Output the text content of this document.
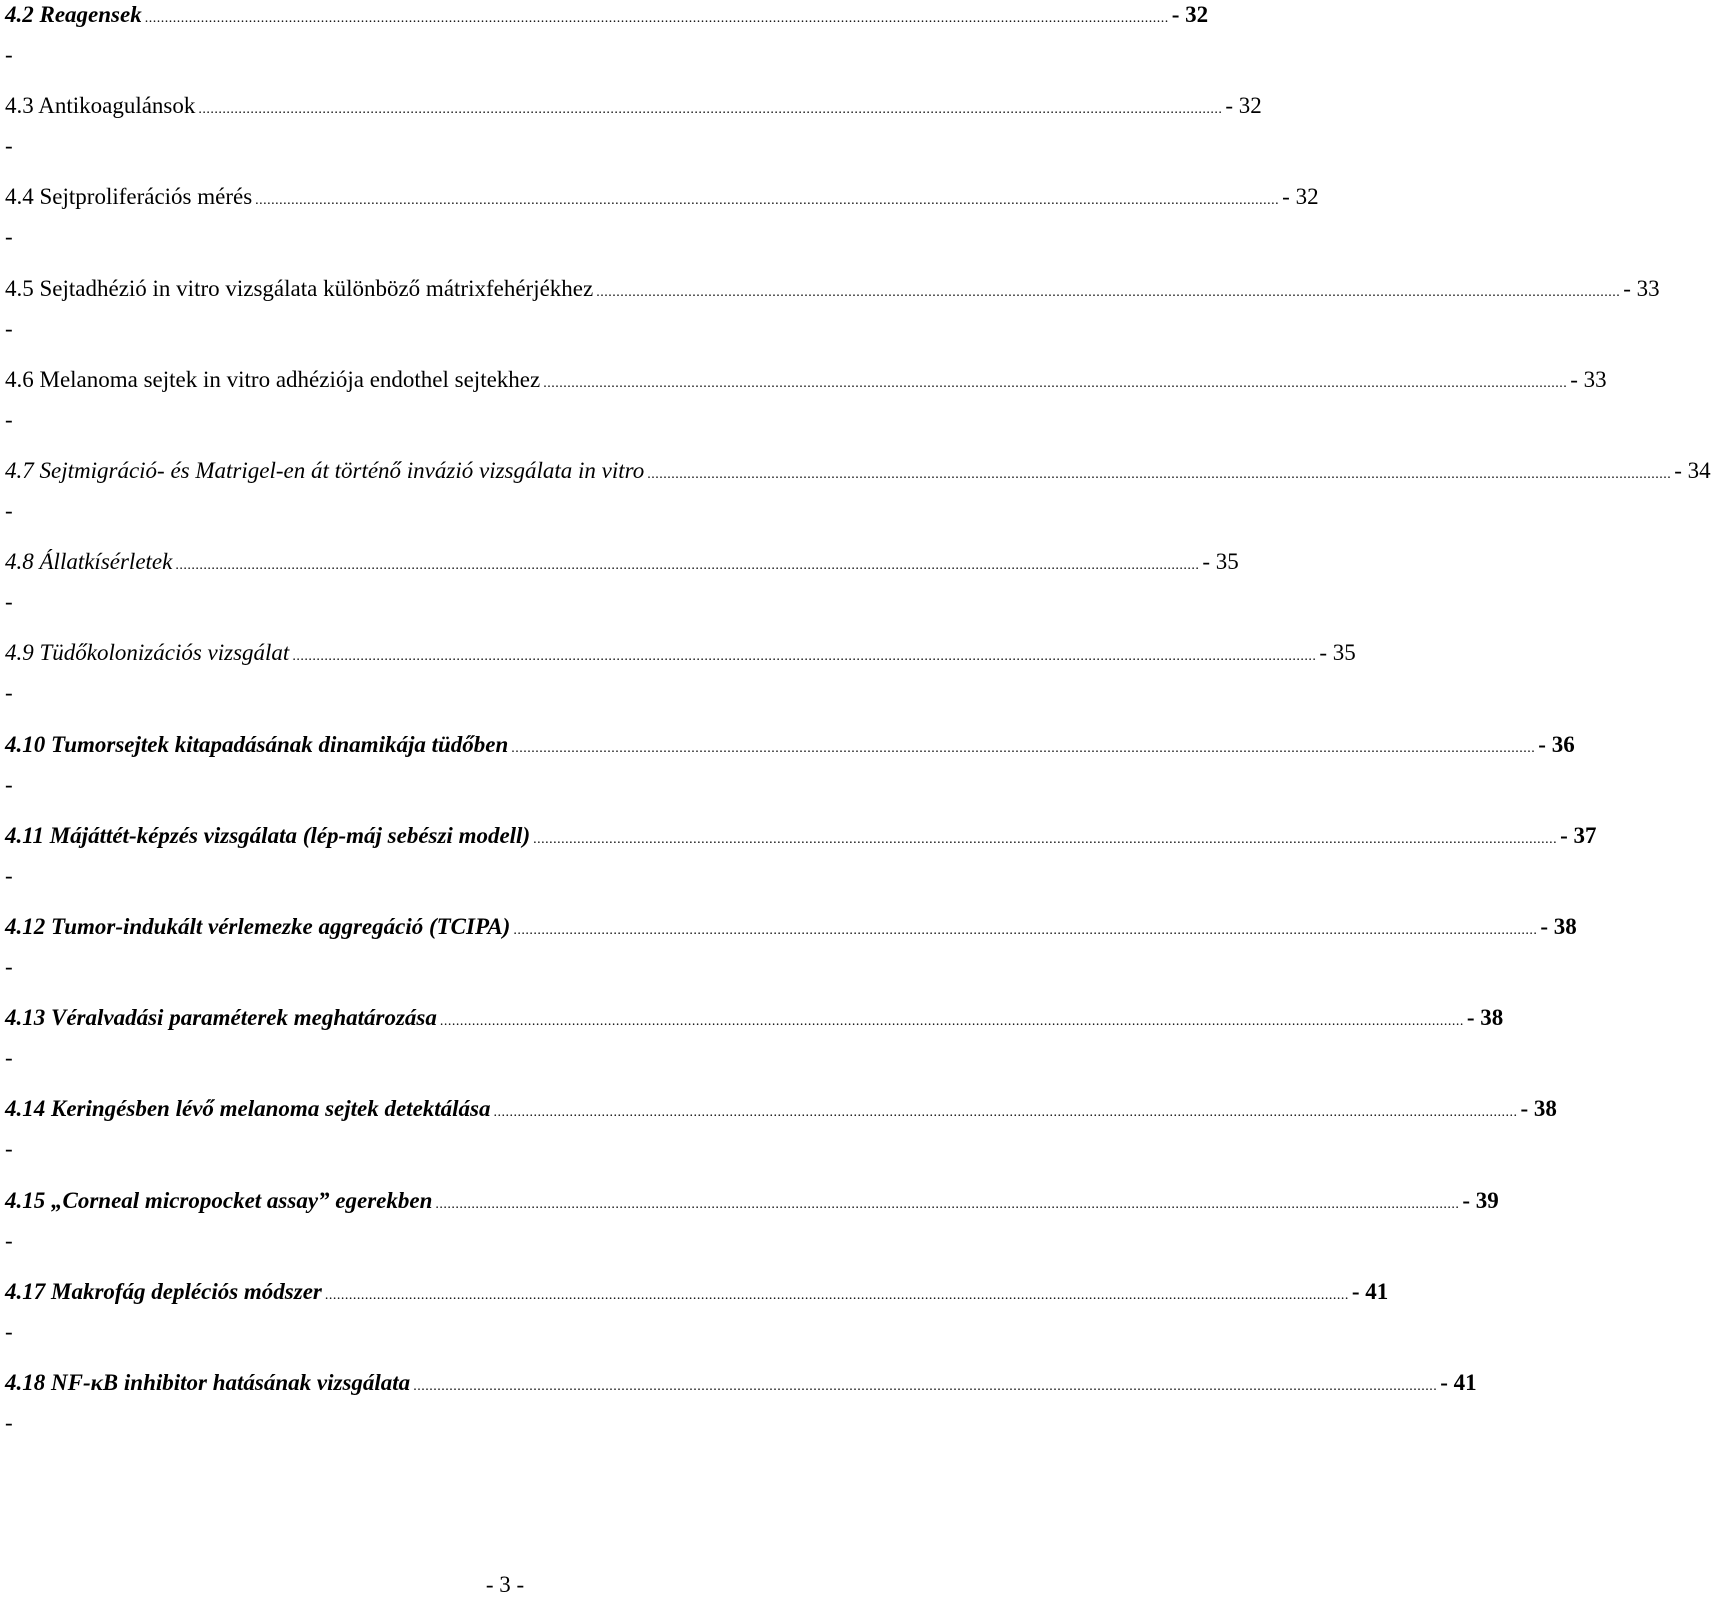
4.2 Reagensek ................................................................................................................................................................................................................................................................ - 32
-
4.3 Antikoagulánsok ................................................................................................................................................................................................................................................................ - 32
-
4.4 Sejtproliferációs mérés ................................................................................................................................................................................................................................................................ - 32
-
4.5 Sejtadhézió in vitro vizsgálata különböző mátrixfehérjékhez ................................................................................................................................................................................................................................................................ - 33
-
4.6 Melanoma sejtek in vitro adhéziója endothel sejtekhez ................................................................................................................................................................................................................................................................ - 33
-
4.7 Sejtmigráció- és Matrigel-en át történő invázió vizsgálata in vitro ................................................................................................................................................................................................................................................................ - 34
-
4.8 Állatkísérletek ................................................................................................................................................................................................................................................................ - 35
-
4.9 Tüdőkolonizációs vizsgálat ................................................................................................................................................................................................................................................................ - 35
-
4.10 Tumorsejtek kitapadásának dinamikája tüdőben ................................................................................................................................................................................................................................................................ - 36
-
4.11 Májáttét-képzés vizsgálata (lép-máj sebészi modell) ................................................................................................................................................................................................................................................................ - 37
-
4.12 Tumor-indukált vérlemezke aggregáció (TCIPA) ................................................................................................................................................................................................................................................................ - 38
-
4.13 Véralvadási paraméterek meghatározása ................................................................................................................................................................................................................................................................ - 38
-
4.14 Keringésben lévő melanoma sejtek detektálása ................................................................................................................................................................................................................................................................ - 38
-
4.15 „Corneal micropocket assay” egerekben ................................................................................................................................................................................................................................................................ - 39
-
4.17 Makrofág depléciós módszer ................................................................................................................................................................................................................................................................ - 41
-
4.18 NF-κB inhibitor hatásának vizsgálata ................................................................................................................................................................................................................................................................ - 41
-
- 3 -
